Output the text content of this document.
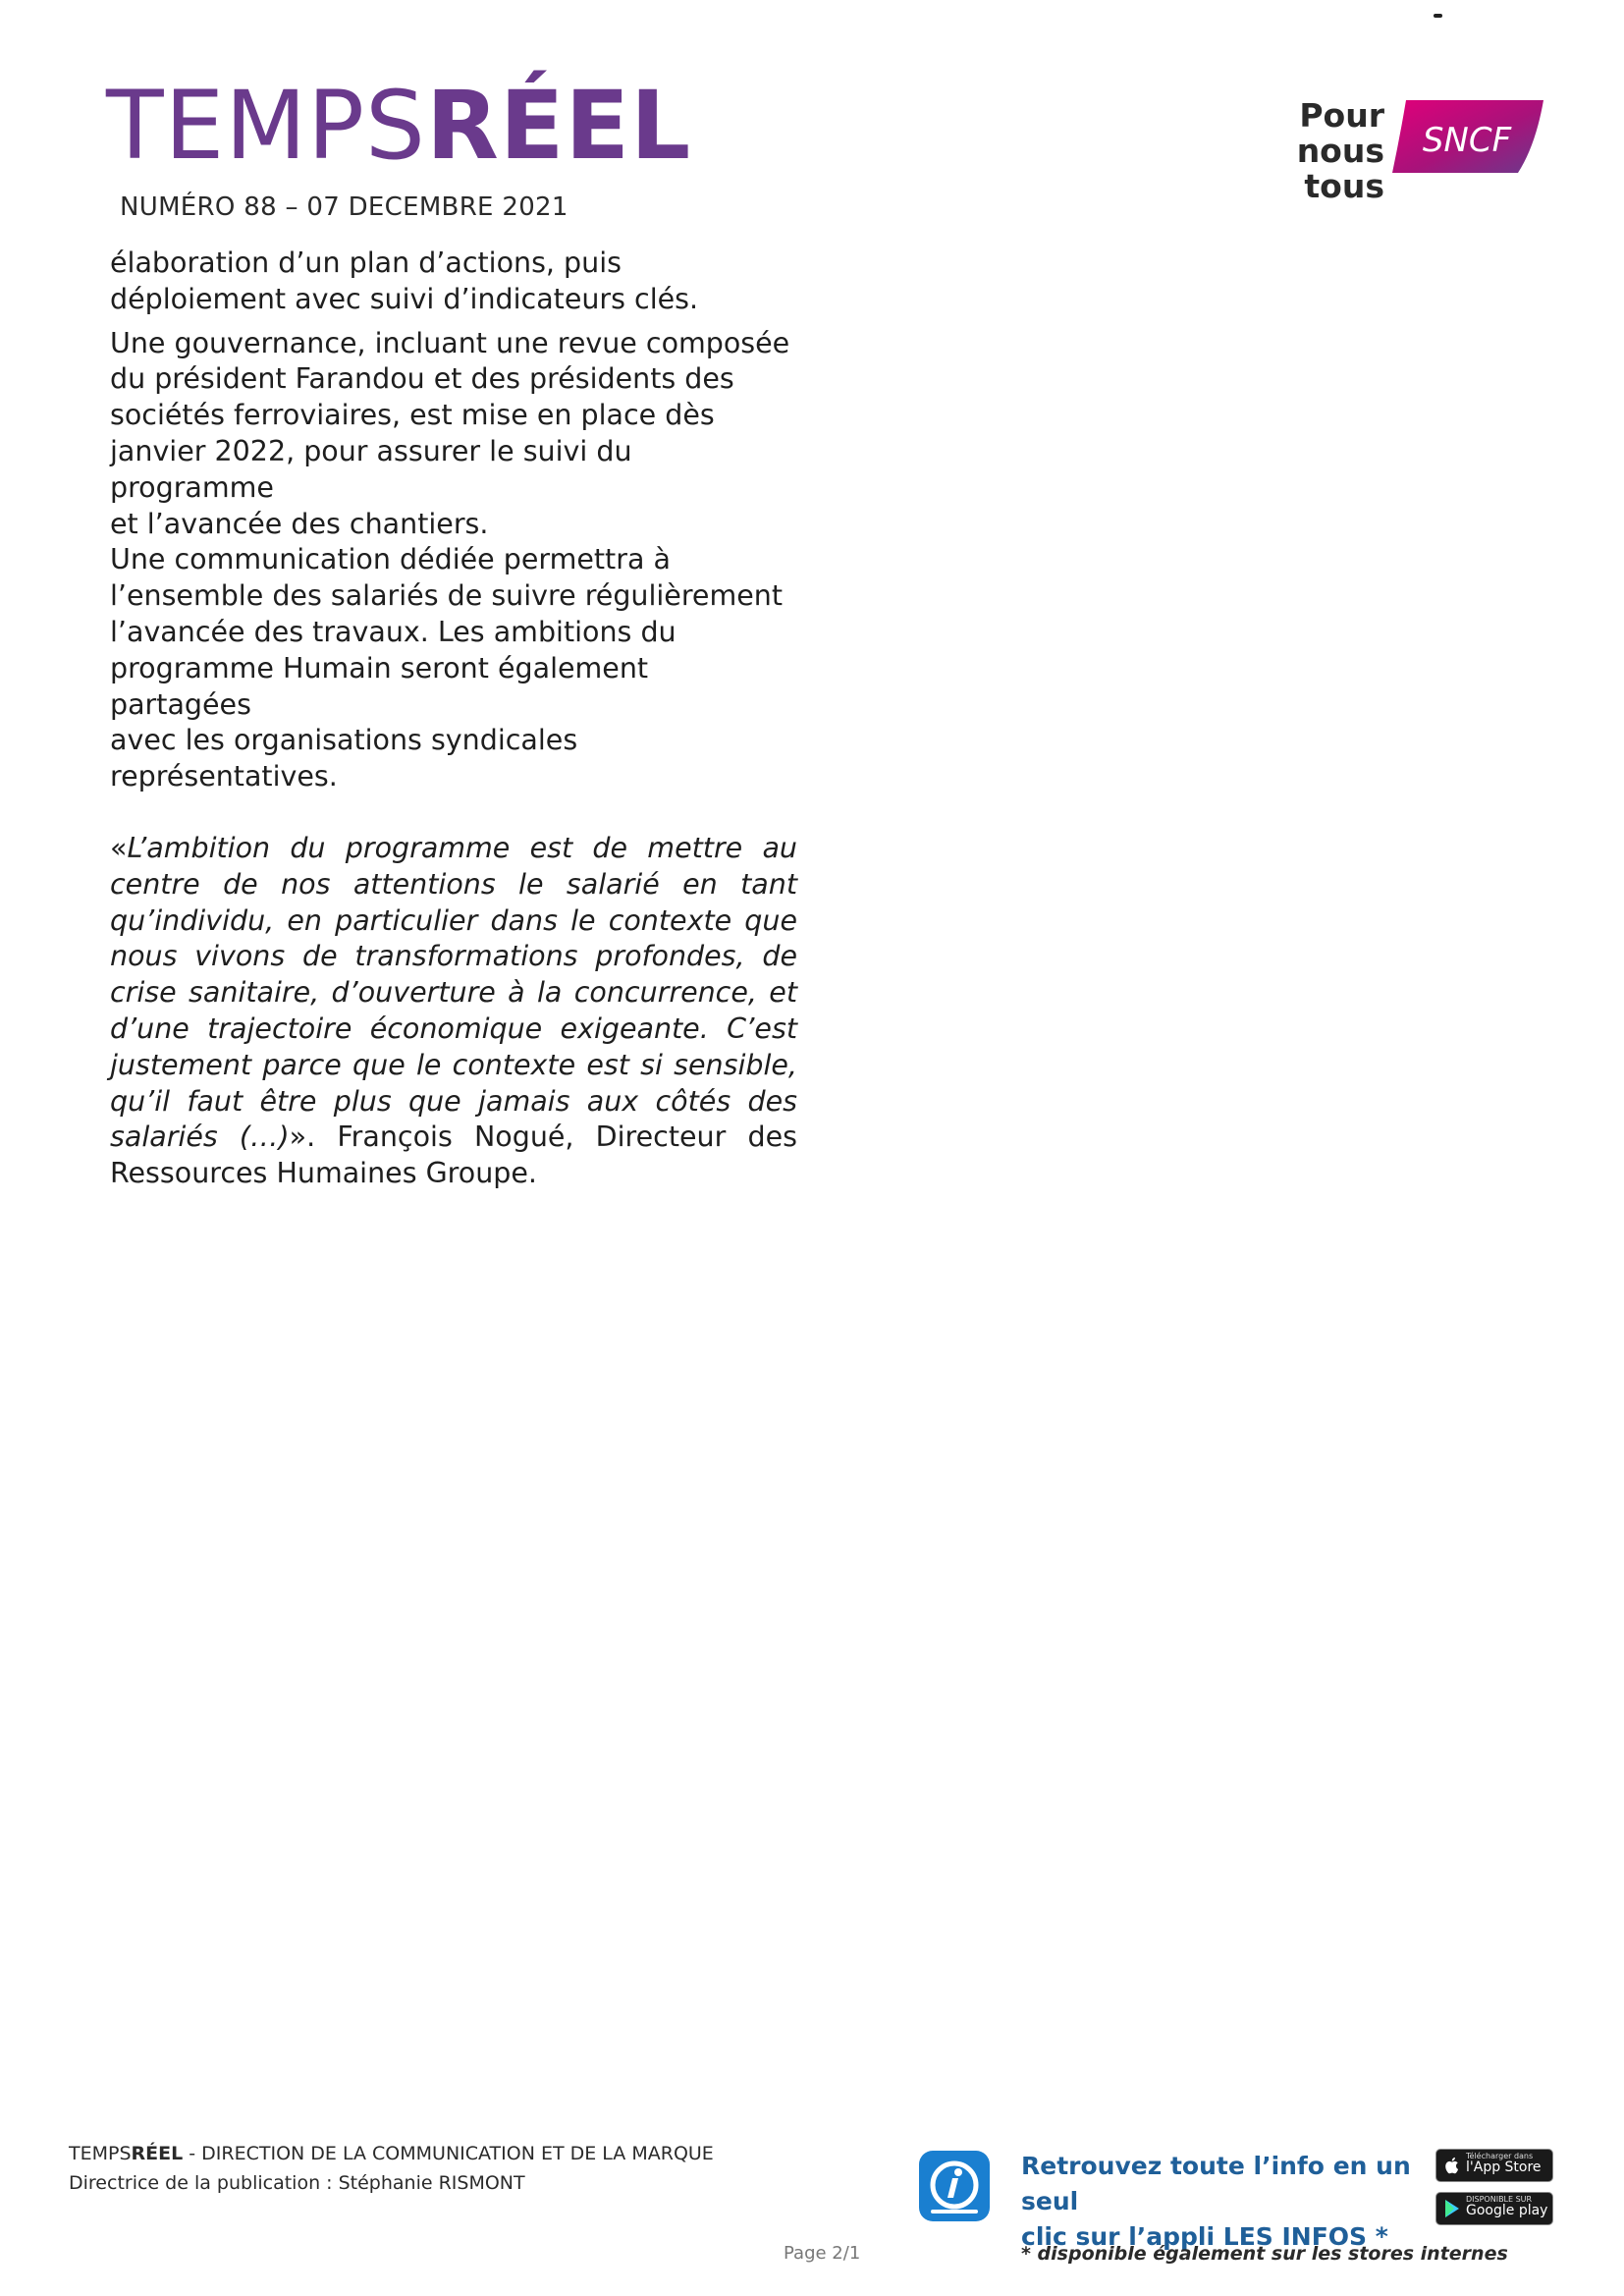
TEMPSRÉEL
NUMÉRO 88 – 07 DECEMBRE 2021
Pour
nous tous
SNCF

élaboration d’un plan d’actions, puis
déploiement avec suivi d’indicateurs clés.

Une gouvernance, incluant une revue composée
du président Farandou et des présidents des
sociétés ferroviaires, est mise en place dès
janvier 2022, pour assurer le suivi du programme
et l’avancée des chantiers.

Une communication dédiée permettra à
l’ensemble des salariés de suivre régulièrement
l’avancée des travaux. Les ambitions du
programme Humain seront également partagées
avec les organisations syndicales représentatives.

«L’ambition du programme est de mettre au centre de nos attentions le salarié en tant qu’individu, en particulier dans le contexte que nous vivons de transformations profondes, de crise sanitaire, d’ouverture à la concurrence, et d’une trajectoire économique exigeante. C’est justement parce que le contexte est si sensible, qu’il faut être plus que jamais aux côtés des salariés (…)». François Nogué, Directeur des Ressources Humaines Groupe.

TEMPSRÉEL - DIRECTION DE LA COMMUNICATION ET DE LA MARQUE
Directrice de la publication : Stéphanie RISMONT
Retrouvez toute l’info en un seul
clic sur l’appli LES INFOS *
Télécharger dans
l'App Store
DISPONIBLE SUR
Google play
Page 2/1	* disponible également sur les stores internes
